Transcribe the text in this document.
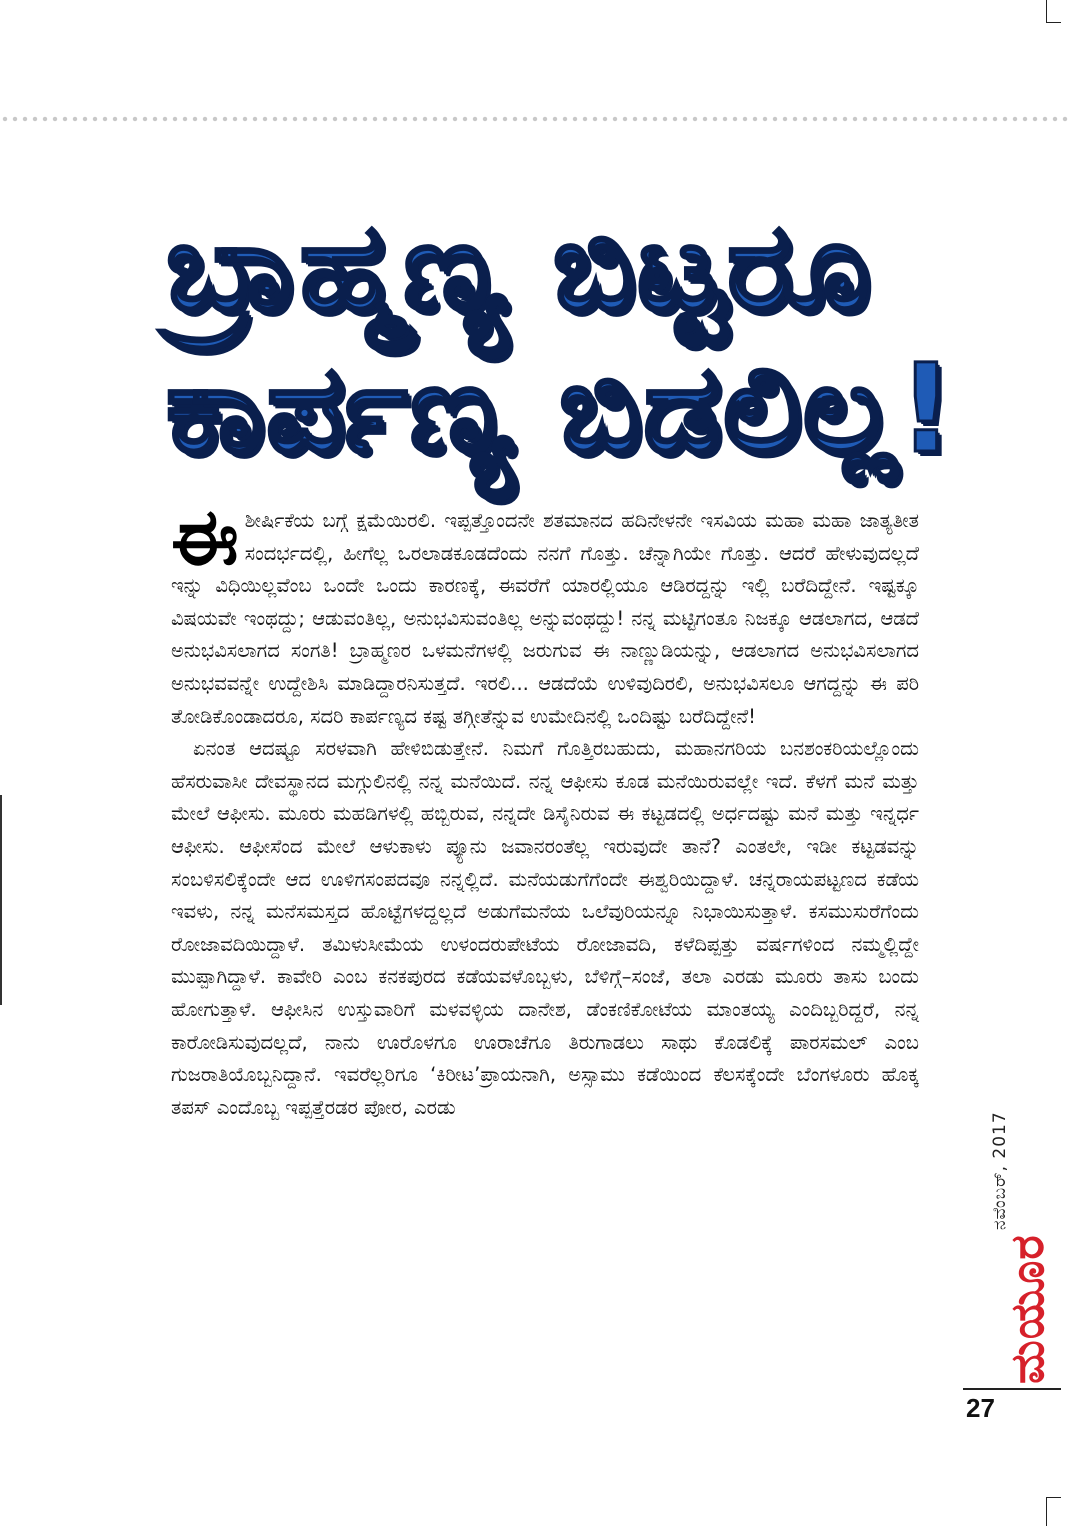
ಬ್ರಾಹ್ಮಣ್ಯ ಬಿಟ್ಟರೂ
ಕಾರ್ಪಣ್ಯ ಬಿಡಲಿಲ್ಲ!

ಈಶೀರ್ಷಿಕೆಯ ಬಗ್ಗೆ ಕ್ಷಮೆಯಿರಲಿ. ಇಪ್ಪತ್ತೊಂದನೇ ಶತಮಾನದ ಹದಿನೇಳನೇ ಇಸವಿಯ ಮಹಾ ಮಹಾ ಜಾತ್ಯತೀತ ಸಂದರ್ಭದಲ್ಲಿ, ಹೀಗೆಲ್ಲ ಒರಲಾಡಕೂಡದೆಂದು ನನಗೆ ಗೊತ್ತು. ಚೆನ್ನಾಗಿಯೇ ಗೊತ್ತು. ಆದರೆ ಹೇಳುವುದಲ್ಲದೆ ಇನ್ನು ವಿಧಿಯಿಲ್ಲವೆಂಬ ಒಂದೇ ಒಂದು ಕಾರಣಕ್ಕೆ, ಈವರೆಗೆ ಯಾರಲ್ಲಿಯೂ ಆಡಿರದ್ದನ್ನು ಇಲ್ಲಿ ಬರೆದಿದ್ದೇನೆ. ಇಷ್ಟಕ್ಕೂ ವಿಷಯವೇ ಇಂಥದ್ದು; ಆಡುವಂತಿಲ್ಲ, ಅನುಭವಿಸುವಂತಿಲ್ಲ ಅನ್ನುವಂಥದ್ದು! ನನ್ನ ಮಟ್ಟಿಗಂತೂ ನಿಜಕ್ಕೂ ಆಡಲಾಗದ, ಆಡದೆ ಅನುಭವಿಸಲಾಗದ ಸಂಗತಿ! ಬ್ರಾಹ್ಮಣರ ಒಳಮನೆಗಳಲ್ಲಿ ಜರುಗುವ ಈ ನಾಣ್ಣುಡಿಯನ್ನು, ಆಡಲಾಗದ ಅನುಭವಿಸಲಾಗದ ಅನುಭವವನ್ನೇ ಉದ್ದೇಶಿಸಿ ಮಾಡಿದ್ದಾರನಿಸುತ್ತದೆ. ಇರಲಿ... ಆಡದೆಯೆ ಉಳಿವುದಿರಲಿ, ಅನುಭವಿಸಲೂ ಆಗದ್ದನ್ನು ಈ ಪರಿ ತೋಡಿಕೊಂಡಾದರೂ, ಸದರಿ ಕಾರ್ಪಣ್ಯದ ಕಷ್ಟ ತಗ್ಗೀತೆನ್ನುವ ಉಮೇದಿನಲ್ಲಿ ಒಂದಿಷ್ಟು ಬರೆದಿದ್ದೇನೆ!

ಏನಂತ ಆದಷ್ಟೂ ಸರಳವಾಗಿ ಹೇಳಿಬಿಡುತ್ತೇನೆ. ನಿಮಗೆ ಗೊತ್ತಿರಬಹುದು, ಮಹಾನಗರಿಯ ಬನಶಂಕರಿಯಲ್ಲೊಂದು ಹೆಸರುವಾಸೀ ದೇವಸ್ಥಾನದ ಮಗ್ಗುಲಿನಲ್ಲಿ ನನ್ನ ಮನೆಯಿದೆ. ನನ್ನ ಆಫೀಸು ಕೂಡ ಮನೆಯಿರುವಲ್ಲೇ ಇದೆ. ಕೆಳಗೆ ಮನೆ ಮತ್ತು ಮೇಲೆ ಆಫೀಸು. ಮೂರು ಮಹಡಿಗಳಲ್ಲಿ ಹಬ್ಬಿರುವ, ನನ್ನದೇ ಡಿಸೈನಿರುವ ಈ ಕಟ್ಟಡದಲ್ಲಿ ಅರ್ಧದಷ್ಟು ಮನೆ ಮತ್ತು ಇನ್ನರ್ಧ ಆಫೀಸು. ಆಫೀಸೆಂದ ಮೇಲೆ ಆಳುಕಾಳು ಪ್ಯೂನು ಜವಾನರಂತೆಲ್ಲ ಇರುವುದೇ ತಾನೆ? ಎಂತಲೇ, ಇಡೀ ಕಟ್ಟಡವನ್ನು ಸಂಬಳಿಸಲಿಕ್ಕೆಂದೇ ಆದ ಊಳಿಗಸಂಪದವೂ ನನ್ನಲ್ಲಿದೆ. ಮನೆಯಡುಗೆಗೆಂದೇ ಈಶ್ವರಿಯಿದ್ದಾಳೆ. ಚನ್ನರಾಯಪಟ್ಟಣದ ಕಡೆಯ ಇವಳು, ನನ್ನ ಮನೆಸಮಸ್ತದ ಹೊಟ್ಟೆಗಳದ್ದಲ್ಲದೆ ಅಡುಗೆಮನೆಯ ಒಲೆವುರಿಯನ್ನೂ ನಿಭಾಯಿಸುತ್ತಾಳೆ. ಕಸಮುಸುರೆಗೆಂದು ರೋಜಾವದಿಯಿದ್ದಾಳೆ. ತಮಿಳುಸೀಮೆಯ ಉಳಂದರುಪೇಟೆಯ ರೋಜಾವದಿ, ಕಳೆದಿಪ್ಪತ್ತು ವರ್ಷಗಳಿಂದ ನಮ್ಮಲ್ಲಿದ್ದೇ ಮುಪ್ಪಾಗಿದ್ದಾಳೆ. ಕಾವೇರಿ ಎಂಬ ಕನಕಪುರದ ಕಡೆಯವಳೊಬ್ಬಳು, ಬೆಳಿಗ್ಗೆ–ಸಂಜೆ, ತಲಾ ಎರಡು ಮೂರು ತಾಸು ಬಂದು ಹೋಗುತ್ತಾಳೆ. ಆಫೀಸಿನ ಉಸ್ತುವಾರಿಗೆ ಮಳವಳ್ಳಿಯ ದಾನೇಶ, ಡೆಂಕಣಿಕೋಟೆಯ ಮಾಂತಯ್ಯ ಎಂದಿಬ್ಬರಿದ್ದರೆ, ನನ್ನ ಕಾರೋಡಿಸುವುದಲ್ಲದೆ, ನಾನು ಊರೊಳಗೂ ಊರಾಚೆಗೂ ತಿರುಗಾಡಲು ಸಾಥು ಕೊಡಲಿಕ್ಕೆ ಪಾರಸಮಲ್ ಎಂಬ ಗುಜರಾತಿಯೊಬ್ಬನಿದ್ದಾನೆ. ಇವರೆಲ್ಲರಿಗೂ ‘ಕಿರೀಟ’ಪ್ರಾಯನಾಗಿ, ಅಸ್ಸಾಮು ಕಡೆಯಿಂದ ಕೆಲಸಕ್ಕೆಂದೇ ಬೆಂಗಳೂರು ಹೊಕ್ಕ ತಪಸ್ ಎಂದೊಬ್ಬ ಇಪ್ಪತ್ತೆರಡರ ಪೋರ, ಎರಡು

ನವೆಂಬರ್, 2017
ಮಯೂರ
27
